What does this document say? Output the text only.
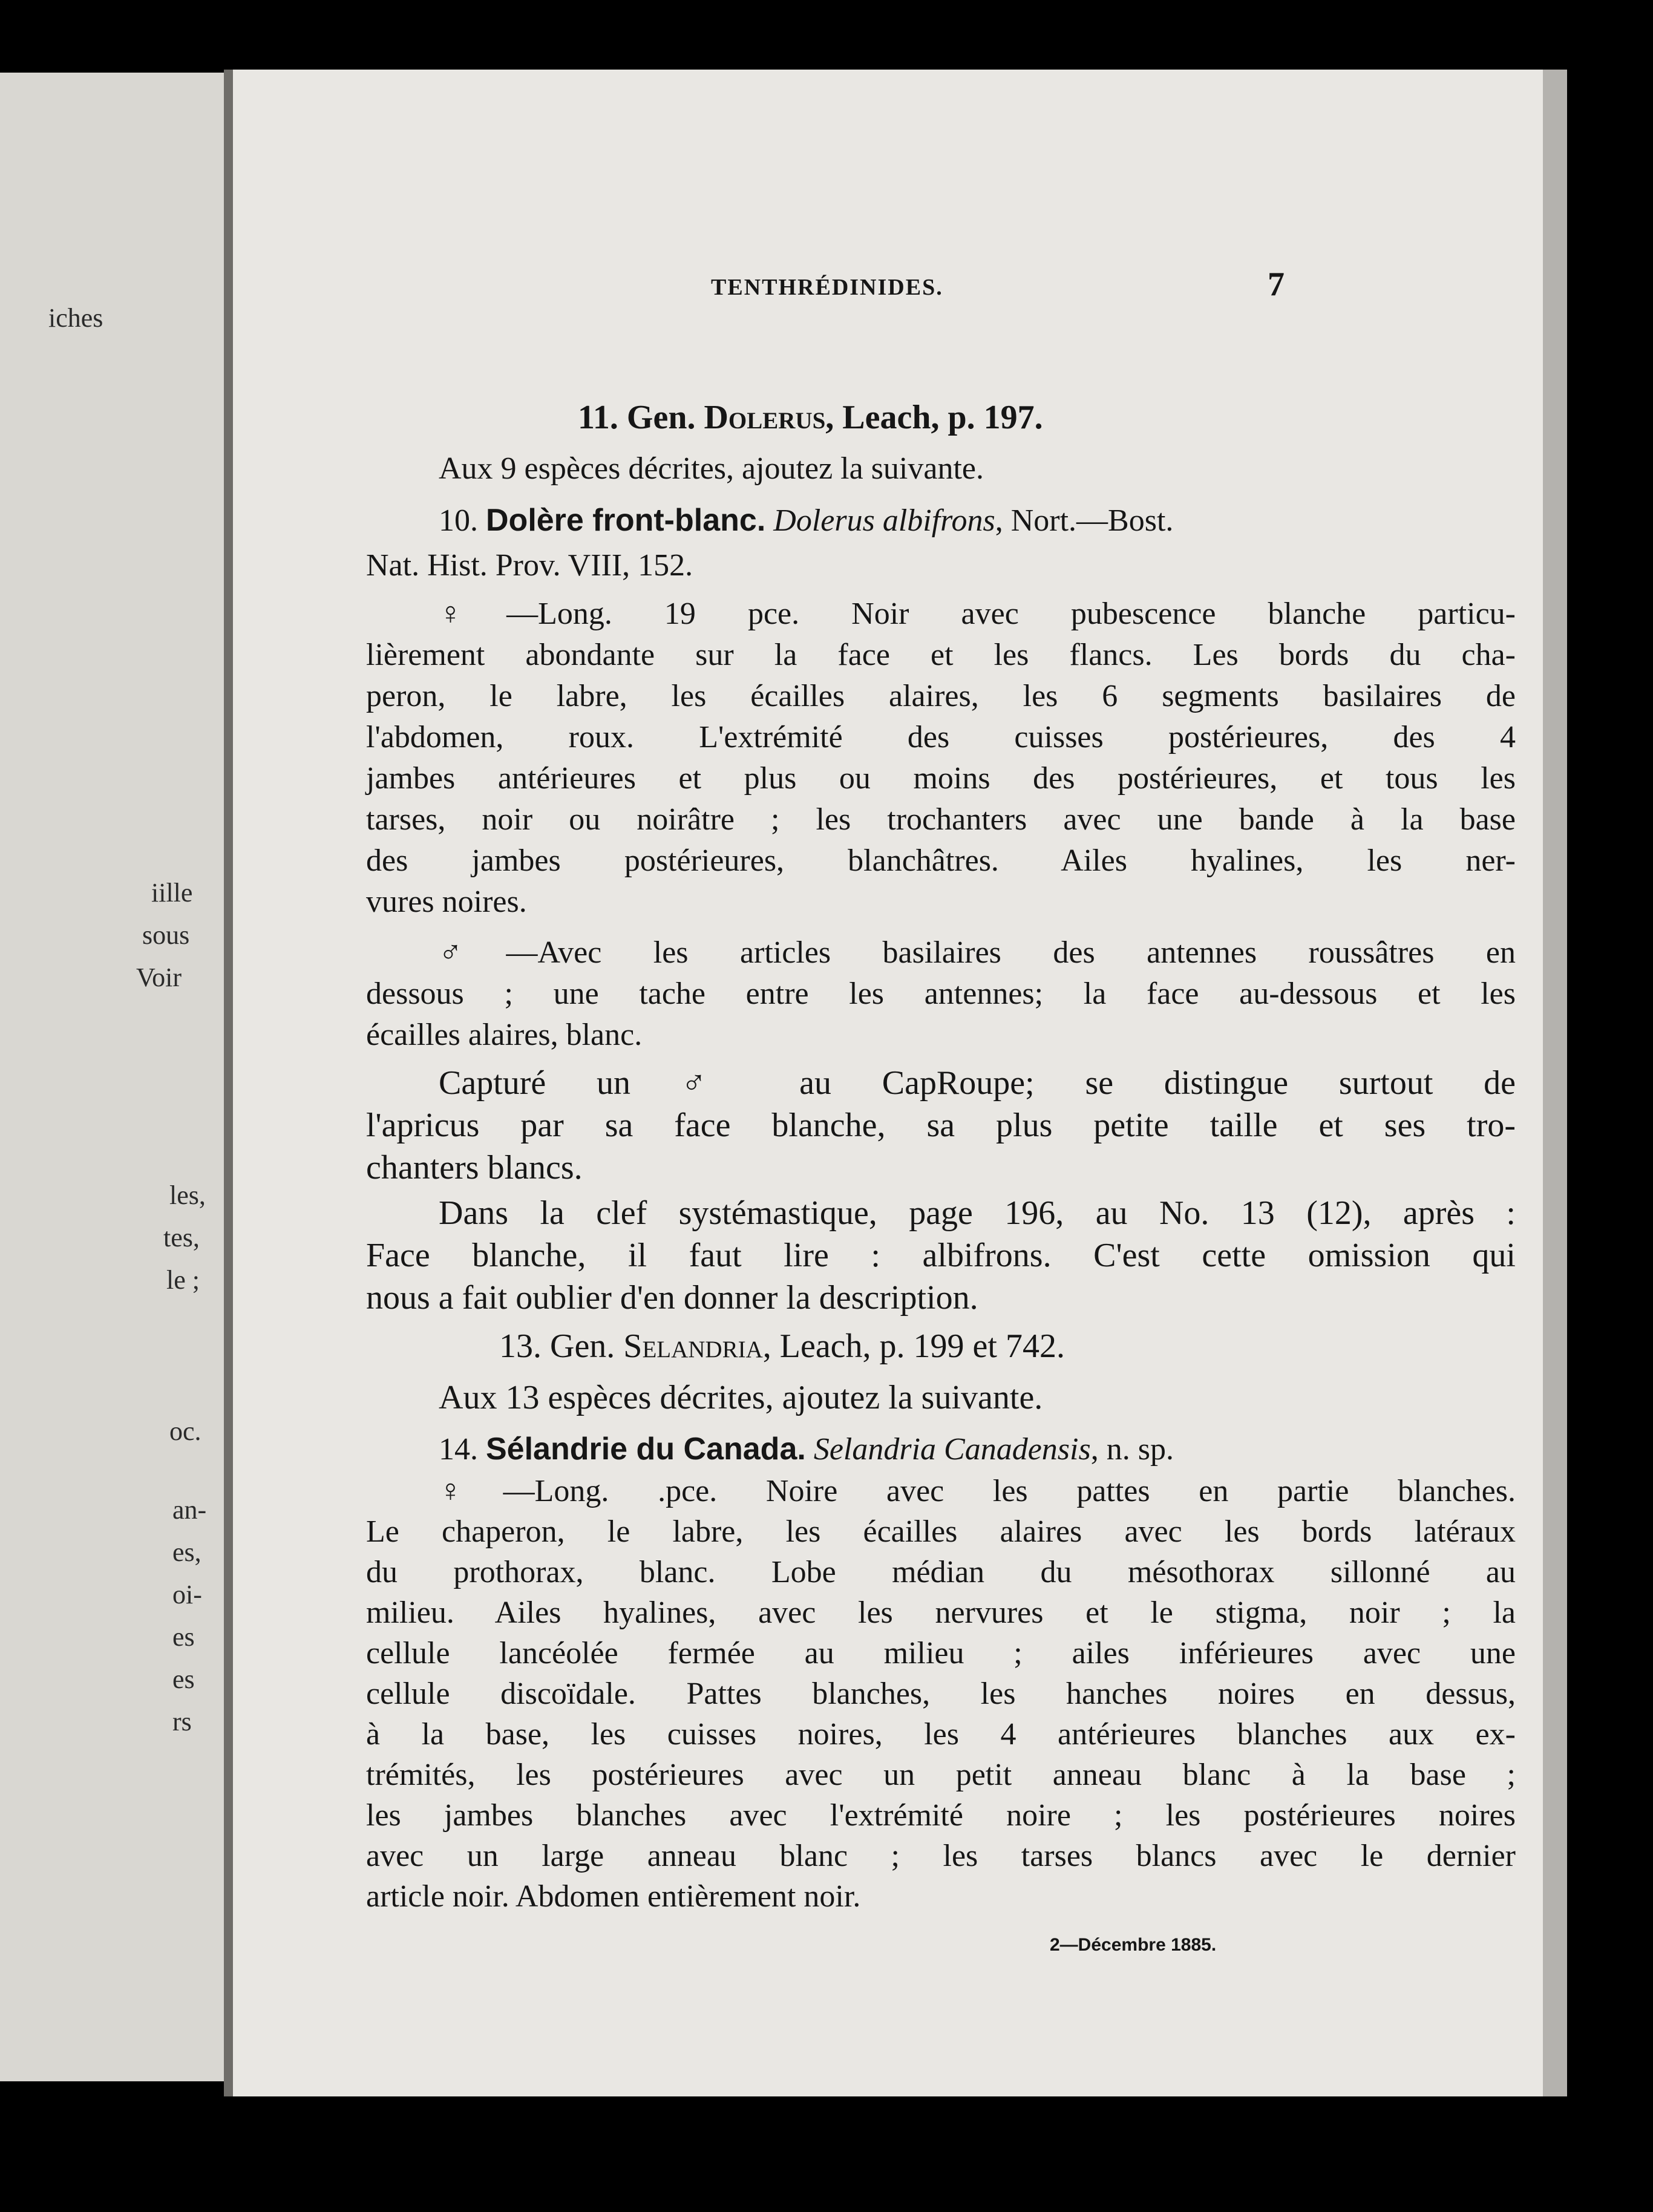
iches
iille
sous
Voir
les,
tes,
le ;
oc.
an-
es,
oi-
es
es
rs
TENTHRÉDINIDES.	7
11. Gen. Dolerus, Leach, p. 197.
Aux 9 espèces décrites, ajoutez la suivante.
10. Dolère front-blanc. Dolerus albifrons, Nort.—Bost.
Nat. Hist. Prov. VIII, 152.
♀—Long. 19 pce. Noir avec pubescence blanche particu-
lièrement abondante sur la face et les flancs. Les bords du cha-
peron, le labre, les écailles alaires, les 6 segments basilaires de
l'abdomen, roux. L'extrémité des cuisses postérieures, des 4
jambes antérieures et plus ou moins des postérieures, et tous les
tarses, noir ou noirâtre ; les trochanters avec une bande à la base
des jambes postérieures, blanchâtres. Ailes hyalines, les ner-
vures noires.
♂—Avec les articles basilaires des antennes roussâtres en
dessous ; une tache entre les antennes; la face au-dessous et les
écailles alaires, blanc.
Capturé un ♂ au CapRoupe; se distingue surtout de
l'apricus par sa face blanche, sa plus petite taille et ses tro-
chanters blancs.
Dans la clef systémastique, page 196, au No. 13 (12), après :
Face blanche, il faut lire : albifrons. C'est cette omission qui
nous a fait oublier d'en donner la description.
13. Gen. Selandria, Leach, p. 199 et 742.
Aux 13 espèces décrites, ajoutez la suivante.
14. Sélandrie du Canada. Selandria Canadensis, n. sp.
♀—Long. .pce. Noire avec les pattes en partie blanches.
Le chaperon, le labre, les écailles alaires avec les bords latéraux
du prothorax, blanc. Lobe médian du mésothorax sillonné au
milieu. Ailes hyalines, avec les nervures et le stigma, noir ; la
cellule lancéolée fermée au milieu ; ailes inférieures avec une
cellule discoïdale. Pattes blanches, les hanches noires en dessus,
à la base, les cuisses noires, les 4 antérieures blanches aux ex-
trémités, les postérieures avec un petit anneau blanc à la base ;
les jambes blanches avec l'extrémité noire ; les postérieures noires
avec un large anneau blanc ; les tarses blancs avec le dernier
article noir. Abdomen entièrement noir.
2—Décembre 1885.
